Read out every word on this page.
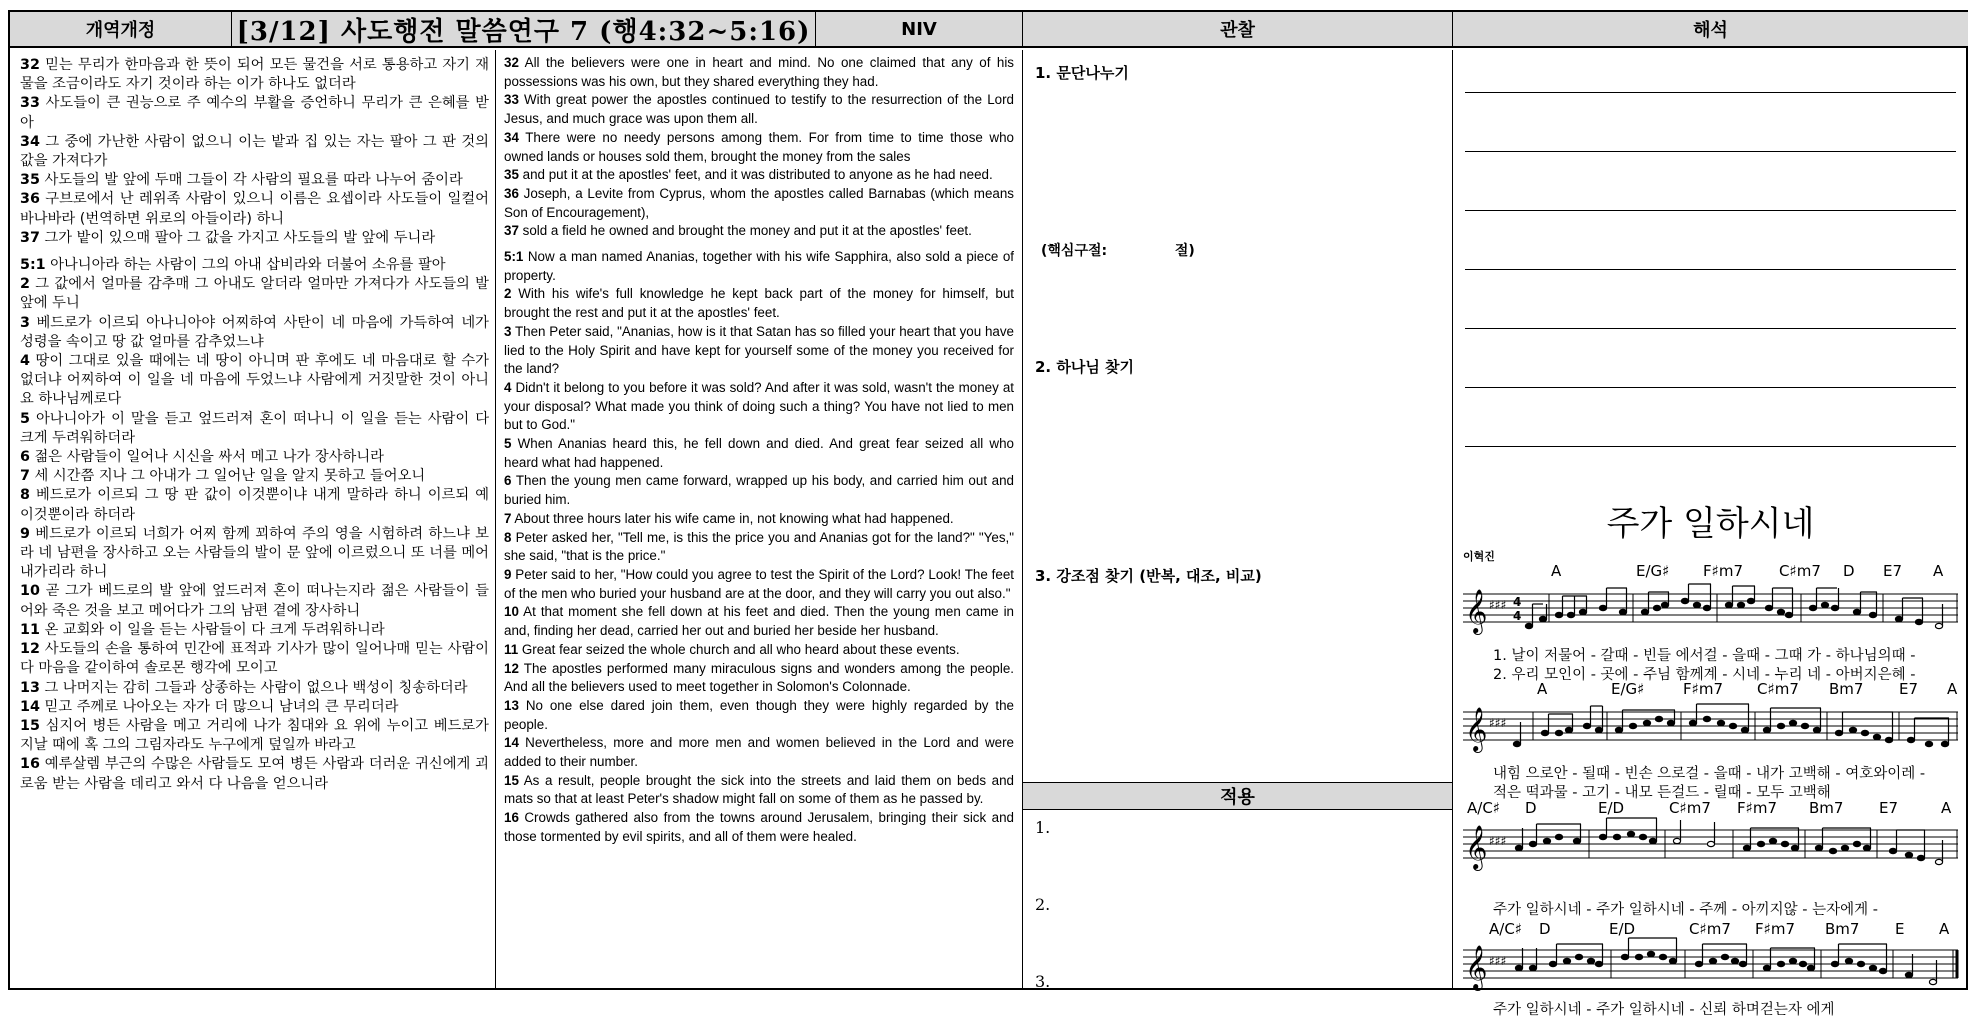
개역개정	[3/12] 사도행전 말씀연구 7 (행4:32~5:16)	NIV	관찰	해석
32 믿는 무리가 한마음과 한 뜻이 되어 모든 물건을 서로 통용하고 자기 재물을 조금이라도 자기 것이라 하는 이가 하나도 없더라
33 사도들이 큰 권능으로 주 예수의 부활을 증언하니 무리가 큰 은혜를 받아
34 그 중에 가난한 사람이 없으니 이는 밭과 집 있는 자는 팔아 그 판 것의 값을 가져다가
35 사도들의 발 앞에 두매 그들이 각 사람의 필요를 따라 나누어 줌이라
36 구브로에서 난 레위족 사람이 있으니 이름은 요셉이라 사도들이 일컬어 바나바라 (번역하면 위로의 아들이라) 하니
37 그가 밭이 있으매 팔아 그 값을 가지고 사도들의 발 앞에 두니라
5:1 아나니아라 하는 사람이 그의 아내 삽비라와 더불어 소유를 팔아
2 그 값에서 얼마를 감추매 그 아내도 알더라 얼마만 가져다가 사도들의 발 앞에 두니
3 베드로가 이르되 아나니아야 어찌하여 사탄이 네 마음에 가득하여 네가 성령을 속이고 땅 값 얼마를 감추었느냐
4 땅이 그대로 있을 때에는 네 땅이 아니며 판 후에도 네 마음대로 할 수가 없더냐 어찌하여 이 일을 네 마음에 두었느냐 사람에게 거짓말한 것이 아니요 하나님께로다
5 아나니아가 이 말을 듣고 엎드러져 혼이 떠나니 이 일을 듣는 사람이 다 크게 두려워하더라
6 젊은 사람들이 일어나 시신을 싸서 메고 나가 장사하니라
7 세 시간쯤 지나 그 아내가 그 일어난 일을 알지 못하고 들어오니
8 베드로가 이르되 그 땅 판 값이 이것뿐이냐 내게 말하라 하니 이르되 예 이것뿐이라 하더라
9 베드로가 이르되 너희가 어찌 함께 꾀하여 주의 영을 시험하려 하느냐 보라 네 남편을 장사하고 오는 사람들의 발이 문 앞에 이르렀으니 또 너를 메어 내가리라 하니
10 곧 그가 베드로의 발 앞에 엎드러져 혼이 떠나는지라 젊은 사람들이 들어와 죽은 것을 보고 메어다가 그의 남편 곁에 장사하니
11 온 교회와 이 일을 듣는 사람들이 다 크게 두려워하니라
12 사도들의 손을 통하여 민간에 표적과 기사가 많이 일어나매 믿는 사람이 다 마음을 같이하여 솔로몬 행각에 모이고
13 그 나머지는 감히 그들과 상종하는 사람이 없으나 백성이 칭송하더라
14 믿고 주께로 나아오는 자가 더 많으니 남녀의 큰 무리더라
15 심지어 병든 사람을 메고 거리에 나가 침대와 요 위에 누이고 베드로가 지날 때에 혹 그의 그림자라도 누구에게 덮일까 바라고
16 예루살렘 부근의 수많은 사람들도 모여 병든 사람과 더러운 귀신에게 괴로움 받는 사람을 데리고 와서 다 나음을 얻으니라
32 All the believers were one in heart and mind. No one claimed that any of his possessions was his own, but they shared everything they had.
33 With great power the apostles continued to testify to the resurrection of the Lord Jesus, and much grace was upon them all.
34 There were no needy persons among them. For from time to time those who owned lands or houses sold them, brought the money from the sales
35 and put it at the apostles' feet, and it was distributed to anyone as he had need.
36 Joseph, a Levite from Cyprus, whom the apostles called Barnabas (which means Son of Encouragement),
37 sold a field he owned and brought the money and put it at the apostles' feet.
5:1 Now a man named Ananias, together with his wife Sapphira, also sold a piece of property.
2 With his wife's full knowledge he kept back part of the money for himself, but brought the rest and put it at the apostles' feet.
3 Then Peter said, "Ananias, how is it that Satan has so filled your heart that you have lied to the Holy Spirit and have kept for yourself some of the money you received for the land?
4 Didn't it belong to you before it was sold? And after it was sold, wasn't the money at your disposal? What made you think of doing such a thing? You have not lied to men but to God."
5 When Ananias heard this, he fell down and died. And great fear seized all who heard what had happened.
6 Then the young men came forward, wrapped up his body, and carried him out and buried him.
7 About three hours later his wife came in, not knowing what had happened.
8 Peter asked her, "Tell me, is this the price you and Ananias got for the land?" "Yes," she said, "that is the price."
9 Peter said to her, "How could you agree to test the Spirit of the Lord? Look! The feet of the men who buried your husband are at the door, and they will carry you out also."
10 At that moment she fell down at his feet and died. Then the young men came in and, finding her dead, carried her out and buried her beside her husband.
11 Great fear seized the whole church and all who heard about these events.
12 The apostles performed many miraculous signs and wonders among the people. And all the believers used to meet together in Solomon's Colonnade.
13 No one else dared join them, even though they were highly regarded by the people.
14 Nevertheless, more and more men and women believed in the Lord and were added to their number.
15 As a result, people brought the sick into the streets and laid them on beds and mats so that at least Peter's shadow might fall on some of them as he passed by.
16 Crowds gathered also from the towns around Jerusalem, bringing their sick and those tormented by evil spirits, and all of them were healed.
1. 문단나누기
(핵심구절:	절)
2. 하나님 찾기
3. 강조점 찾기 (반복, 대조, 비교)
적용
1.
2.
3.
주가 일하시네
이혁진
A	E/G♯ F♯m7 C♯m7 D E7 A
𝄞 ♯♯♯ 4
4
1. 날이 저물어 - 갈때 - 빈들 에서걸 - 을때 - 그때 가 - 하나님의때 -
2. 우리 모인이 - 곳에 - 주님 함께계 - 시네 - 누리 네 - 아버지은혜 -
A	E/G♯	F♯m7 C♯m7 Bm7 E7 A
𝄞 ♯♯♯
내힘 으로안 - 될때 - 빈손 으로걸 - 을때 - 내가 고백해 - 여호와이레 -
적은 떡과물 - 고기 - 내모 든걸드 - 릴때 - 모두 고백해
A/C♯ D	E/D	C♯m7 F♯m7 Bm7 E7	A
𝄞 ♯♯♯
주가 일하시네 - 주가 일하시네 - 주께 - 아끼지않 - 는자에게 -
A/C♯ D	E/D	C♯m7 F♯m7 Bm7 E A
𝄞 ♯♯♯
주가 일하시네 - 주가 일하시네 - 신뢰 하며걷는자 에게
